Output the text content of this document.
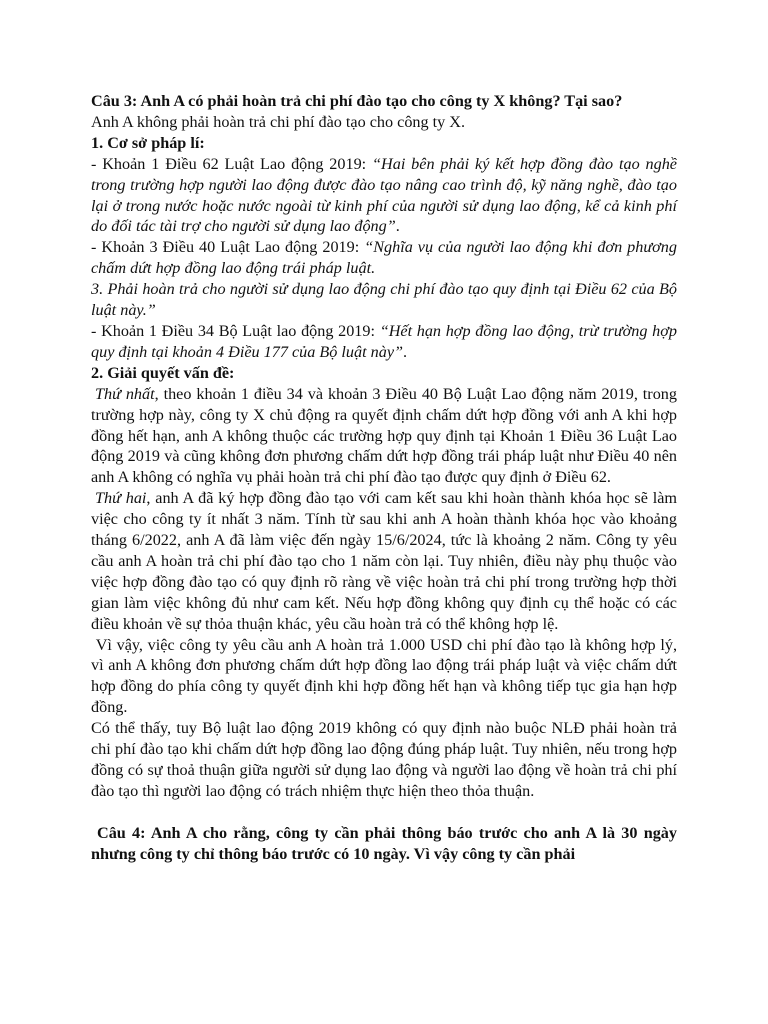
Câu 3: Anh A có phải hoàn trả chi phí đào tạo cho công ty X không? Tại sao?

Anh A không phải hoàn trả chi phí đào tạo cho công ty X.

1. Cơ sở pháp lí:

- Khoản 1 Điều 62 Luật Lao động 2019: “Hai bên phải ký kết hợp đồng đào tạo nghề trong trường hợp người lao động được đào tạo nâng cao trình độ, kỹ năng nghề, đào tạo lại ở trong nước hoặc nước ngoài từ kinh phí của người sử dụng lao động, kể cả kinh phí do đối tác tài trợ cho người sử dụng lao động”.

- Khoản 3 Điều 40 Luật Lao động 2019: “Nghĩa vụ của người lao động khi đơn phương chấm dứt hợp đồng lao động trái pháp luật.

3. Phải hoàn trả cho người sử dụng lao động chi phí đào tạo quy định tại Điều 62 của Bộ luật này.”

- Khoản 1 Điều 34 Bộ Luật lao động 2019: “Hết hạn hợp đồng lao động, trừ trường hợp quy định tại khoản 4 Điều 177 của Bộ luật này”.

2. Giải quyết vấn đề:

Thứ nhất, theo khoản 1 điều 34 và khoản 3 Điều 40 Bộ Luật Lao động năm 2019, trong trường hợp này, công ty X chủ động ra quyết định chấm dứt hợp đồng với anh A khi hợp đồng hết hạn, anh A không thuộc các trường hợp quy định tại Khoản 1 Điều 36 Luật Lao động 2019 và cũng không đơn phương chấm dứt hợp đồng trái pháp luật như Điều 40 nên anh A không có nghĩa vụ phải hoàn trả chi phí đào tạo được quy định ở Điều 62.

Thứ hai, anh A đã ký hợp đồng đào tạo với cam kết sau khi hoàn thành khóa học sẽ làm việc cho công ty ít nhất 3 năm. Tính từ sau khi anh A hoàn thành khóa học vào khoảng tháng 6/2022, anh A đã làm việc đến ngày 15/6/2024, tức là khoảng 2 năm. Công ty yêu cầu anh A hoàn trả chi phí đào tạo cho 1 năm còn lại. Tuy nhiên, điều này phụ thuộc vào việc hợp đồng đào tạo có quy định rõ ràng về việc hoàn trả chi phí trong trường hợp thời gian làm việc không đủ như cam kết. Nếu hợp đồng không quy định cụ thể hoặc có các điều khoản về sự thỏa thuận khác, yêu cầu hoàn trả có thể không hợp lệ.

Vì vậy, việc công ty yêu cầu anh A hoàn trả 1.000 USD chi phí đào tạo là không hợp lý, vì anh A không đơn phương chấm dứt hợp đồng lao động trái pháp luật và việc chấm dứt hợp đồng do phía công ty quyết định khi hợp đồng hết hạn và không tiếp tục gia hạn hợp đồng.

Có thể thấy, tuy Bộ luật lao động 2019 không có quy định nào buộc NLĐ phải hoàn trả chi phí đào tạo khi chấm dứt hợp đồng lao động đúng pháp luật. Tuy nhiên, nếu trong hợp đồng có sự thoả thuận giữa người sử dụng lao động và người lao động về hoàn trả chi phí đào tạo thì người lao động có trách nhiệm thực hiện theo thỏa thuận.

Câu 4: Anh A cho rằng, công ty cần phải thông báo trước cho anh A là 30 ngày nhưng công ty chỉ thông báo trước có 10 ngày. Vì vậy công ty cần phải
